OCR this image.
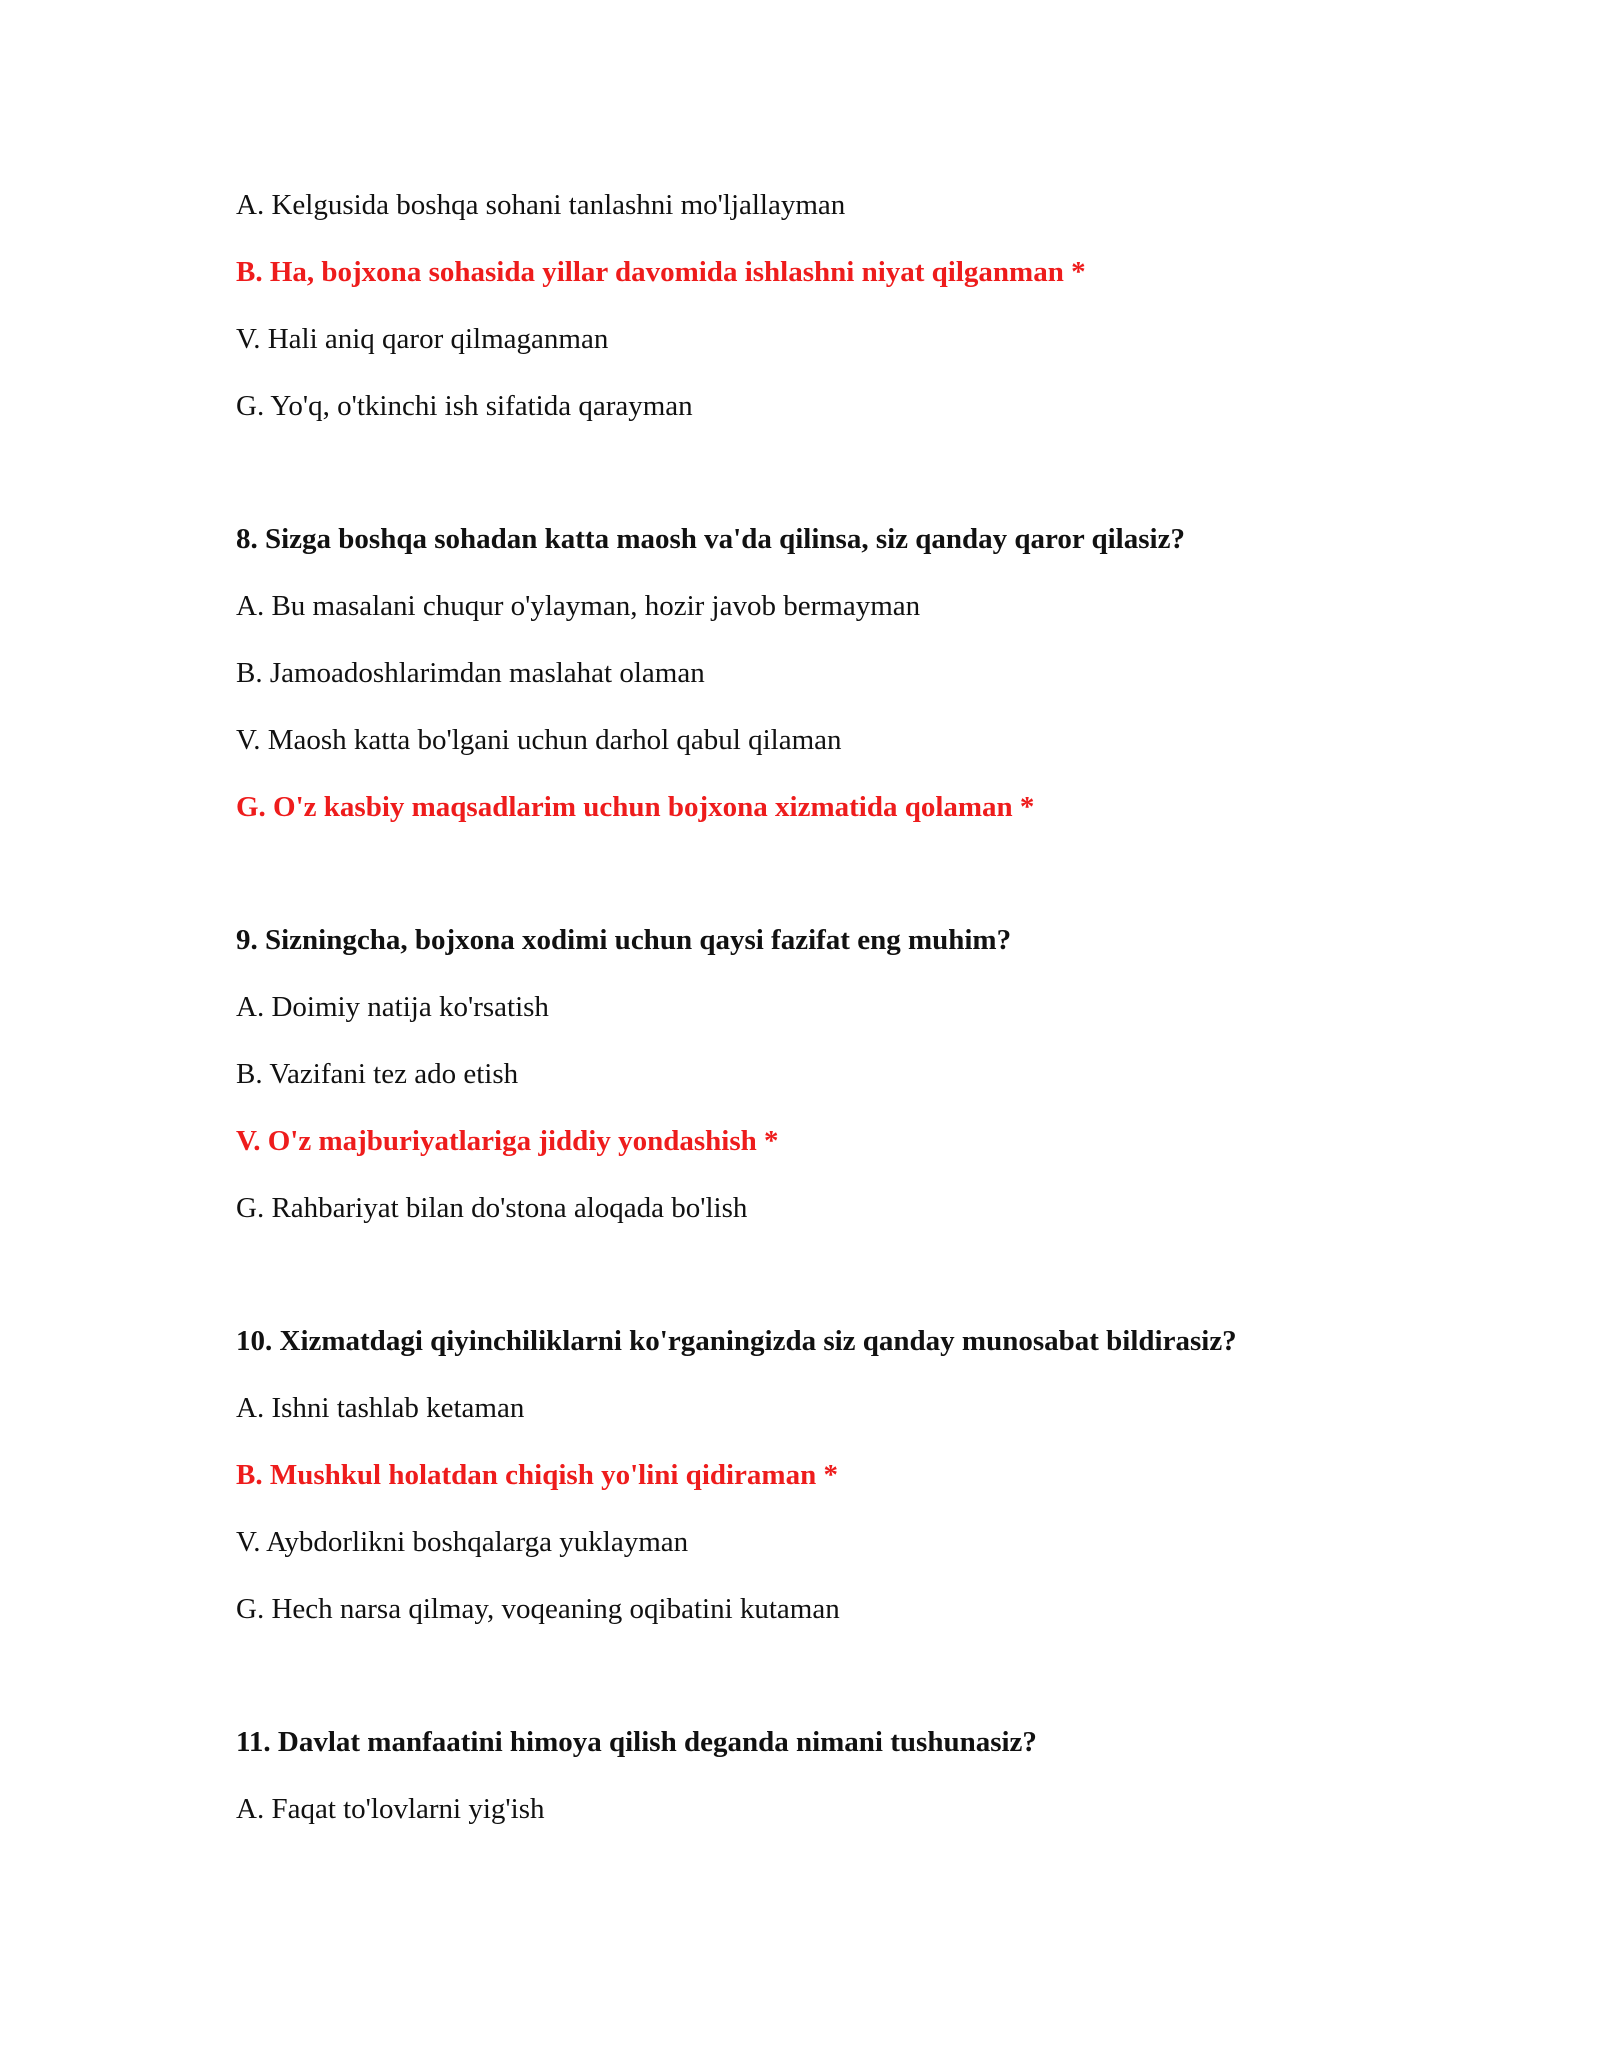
A. Kelgusida boshqa sohani tanlashni mo'ljallayman

B. Ha, bojxona sohasida yillar davomida ishlashni niyat qilganman *

V. Hali aniq qaror qilmaganman

G. Yo'q, o'tkinchi ish sifatida qarayman

8. Sizga boshqa sohadan katta maosh va'da qilinsa, siz qanday qaror qilasiz?

A. Bu masalani chuqur o'ylayman, hozir javob bermayman

B. Jamoadoshlarimdan maslahat olaman

V. Maosh katta bo'lgani uchun darhol qabul qilaman

G. O'z kasbiy maqsadlarim uchun bojxona xizmatida qolaman *

9. Sizningcha, bojxona xodimi uchun qaysi fazifat eng muhim?

A. Doimiy natija ko'rsatish

B. Vazifani tez ado etish

V. O'z majburiyatlariga jiddiy yondashish *

G. Rahbariyat bilan do'stona aloqada bo'lish

10. Xizmatdagi qiyinchiliklarni ko'rganingizda siz qanday munosabat bildirasiz?

A. Ishni tashlab ketaman

B. Mushkul holatdan chiqish yo'lini qidiraman *

V. Aybdorlikni boshqalarga yuklayman

G. Hech narsa qilmay, voqeaning oqibatini kutaman

11. Davlat manfaatini himoya qilish deganda nimani tushunasiz?

A. Faqat to'lovlarni yig'ish
